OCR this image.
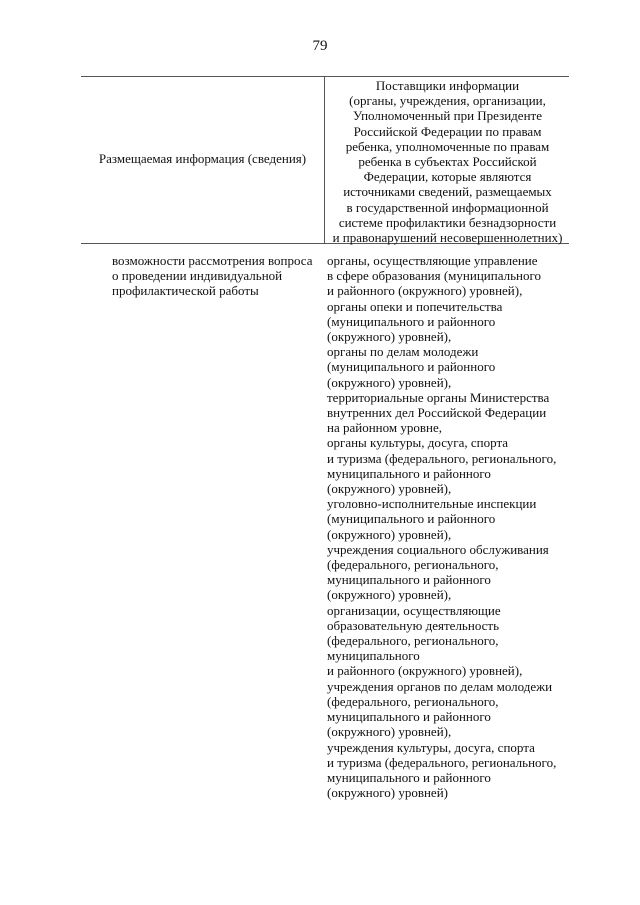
79
Размещаемая информация (сведения)
Поставщики информации
(органы, учреждения, организации,
Уполномоченный при Президенте
Российской Федерации по правам
ребенка, уполномоченные по правам
ребенка в субъектах Российской
Федерации, которые являются
источниками сведений, размещаемых
в государственной информационной
системе профилактики безнадзорности
и правонарушений несовершеннолетних)
возможности рассмотрения вопроса
о проведении индивидуальной
профилактической работы
органы, осуществляющие управление
в сфере образования (муниципального
и районного (окружного) уровней),
органы опеки и попечительства
(муниципального и районного
(окружного) уровней),
органы по делам молодежи
(муниципального и районного
(окружного) уровней),
территориальные органы Министерства
внутренних дел Российской Федерации
на районном уровне,
органы культуры, досуга, спорта
и туризма (федерального, регионального,
муниципального и районного
(окружного) уровней),
уголовно-исполнительные инспекции
(муниципального и районного
(окружного) уровней),
учреждения социального обслуживания
(федерального, регионального,
муниципального и районного
(окружного) уровней),
организации, осуществляющие
образовательную деятельность
(федерального, регионального,
муниципального
и районного (окружного) уровней),
учреждения органов по делам молодежи
(федерального, регионального,
муниципального и районного
(окружного) уровней),
учреждения культуры, досуга, спорта
и туризма (федерального, регионального,
муниципального и районного
(окружного) уровней)
